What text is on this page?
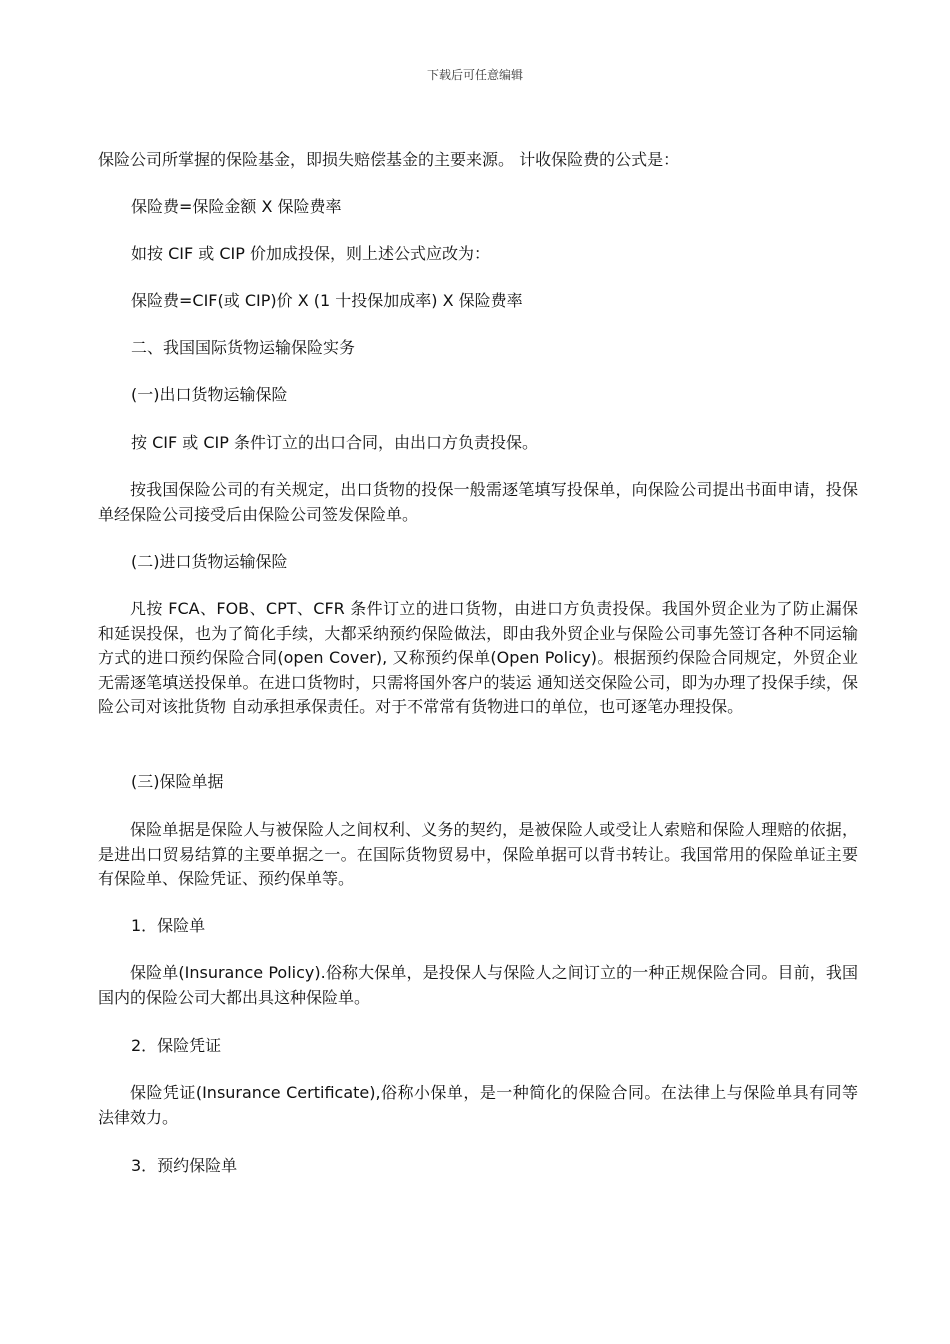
下载后可任意编辑
保险公司所掌握的保险基金，即损失赔偿基金的主要来源。 计收保险费的公式是：
保险费=保险金额 X 保险费率
如按 CIF 或 CIP 价加成投保，则上述公式应改为：
保险费=CIF(或 CIP)价 X (1 十投保加成率) X 保险费率
二、我国国际货物运输保险实务
(一)出口货物运输保险
按 CIF 或 CIP 条件订立的出口合同，由出口方负责投保。
按我国保险公司的有关规定，出口货物的投保一般需逐笔填写投保单，向保险公司提出书面申请，投保单经保险公司接受后由保险公司签发保险单。
(二)进口货物运输保险
凡按 FCA、FOB、CPT、CFR 条件订立的进口货物，由进口方负责投保。我国外贸企业为了防止漏保和延误投保，也为了简化手续，大都采纳预约保险做法，即由我外贸企业与保险公司事先签订各种不同运输方式的进口预约保险合同(open Cover), 又称预约保单(Open Policy)。根据预约保险合同规定，外贸企业无需逐笔填送投保单。在进口货物时，只需将国外客户的装运 通知送交保险公司，即为办理了投保手续，保险公司对该批货物 自动承担承保责任。对于不常常有货物进口的单位，也可逐笔办理投保。
(三)保险单据
保险单据是保险人与被保险人之间权利、义务的契约，是被保险人或受让人索赔和保险人理赔的依据，是进出口贸易结算的主要单据之一。在国际货物贸易中，保险单据可以背书转让。我国常用的保险单证主要有保险单、保险凭证、预约保单等。
1．保险单
保险单(Insurance Policy).俗称大保单，是投保人与保险人之间订立的一种正规保险合同。目前，我国国内的保险公司大都出具这种保险单。
2．保险凭证
保险凭证(Insurance Certificate),俗称小保单，是一种简化的保险合同。在法律上与保险单具有同等法律效力。
3．预约保险单
